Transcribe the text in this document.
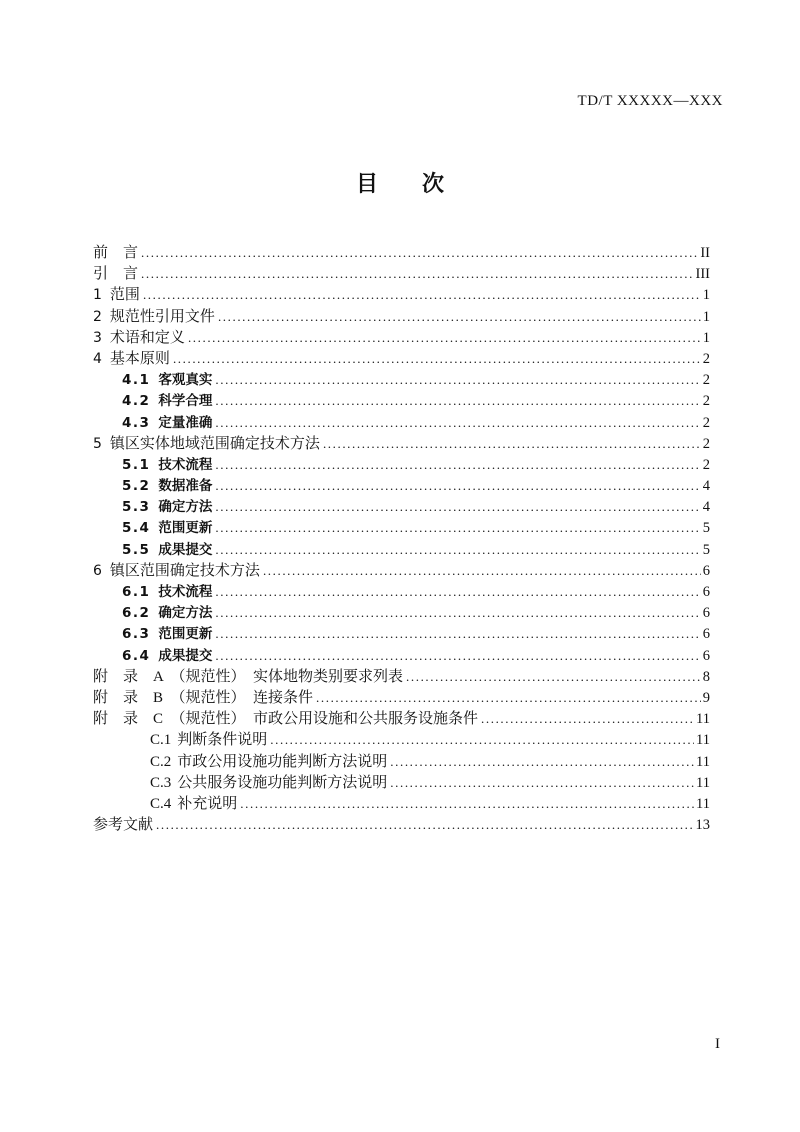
TD/T XXXXX—XXX
目　　次
前　言 .....	II
引　言 .....	III
1 范围 .....	1
2 规范性引用文件 .....	1
3 术语和定义 .....	1
4 基本原则 .....	2
4.1 客观真实 .....	2
4.2 科学合理 .....	2
4.3 定量准确 .....	2
5 镇区实体地域范围确定技术方法 .....	2
5.1 技术流程 .....	2
5.2 数据准备 .....	4
5.3 确定方法 .....	4
5.4 范围更新 .....	5
5.5 成果提交 .....	5
6 镇区范围确定技术方法 .....	6
6.1 技术流程 .....	6
6.2 确定方法 .....	6
6.3 范围更新 .....	6
6.4 成果提交 .....	6
附　录　A　（规范性）　实体地物类别要求列表 .....	8
附　录　B　（规范性）　连接条件 .....	9
附　录　C　（规范性）　市政公用设施和公共服务设施条件 .....	11
C.1 判断条件说明 .....	11
C.2 市政公用设施功能判断方法说明 .....	11
C.3 公共服务设施功能判断方法说明 .....	11
C.4 补充说明 .....	11
参考文献 .....	13
I
